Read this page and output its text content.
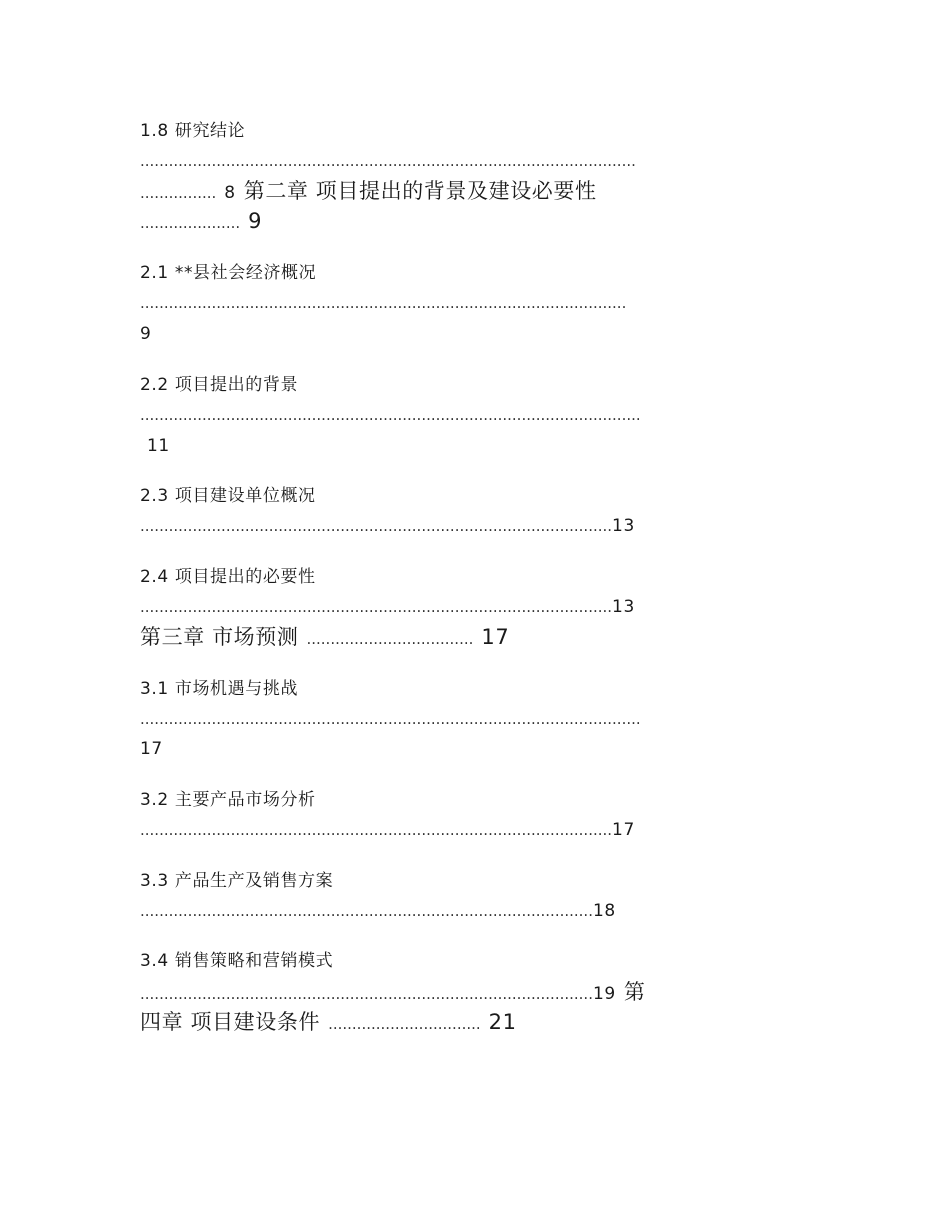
1.8 研究结论
........................................................................................................
................ 8 第二章 项目提出的背景及建设必要性
..................... 9
2.1 **县社会经济概况
......................................................................................................
9
2.2 项目提出的背景
.........................................................................................................
11
2.3 项目建设单位概况
...................................................................................................13
2.4 项目提出的必要性
...................................................................................................13
第三章 市场预测 ................................... 17
3.1 市场机遇与挑战
.........................................................................................................
17
3.2 主要产品市场分析
...................................................................................................17
3.3 产品生产及销售方案
...............................................................................................18
3.4 销售策略和营销模式
...............................................................................................19 第
四章 项目建设条件 ................................ 21
